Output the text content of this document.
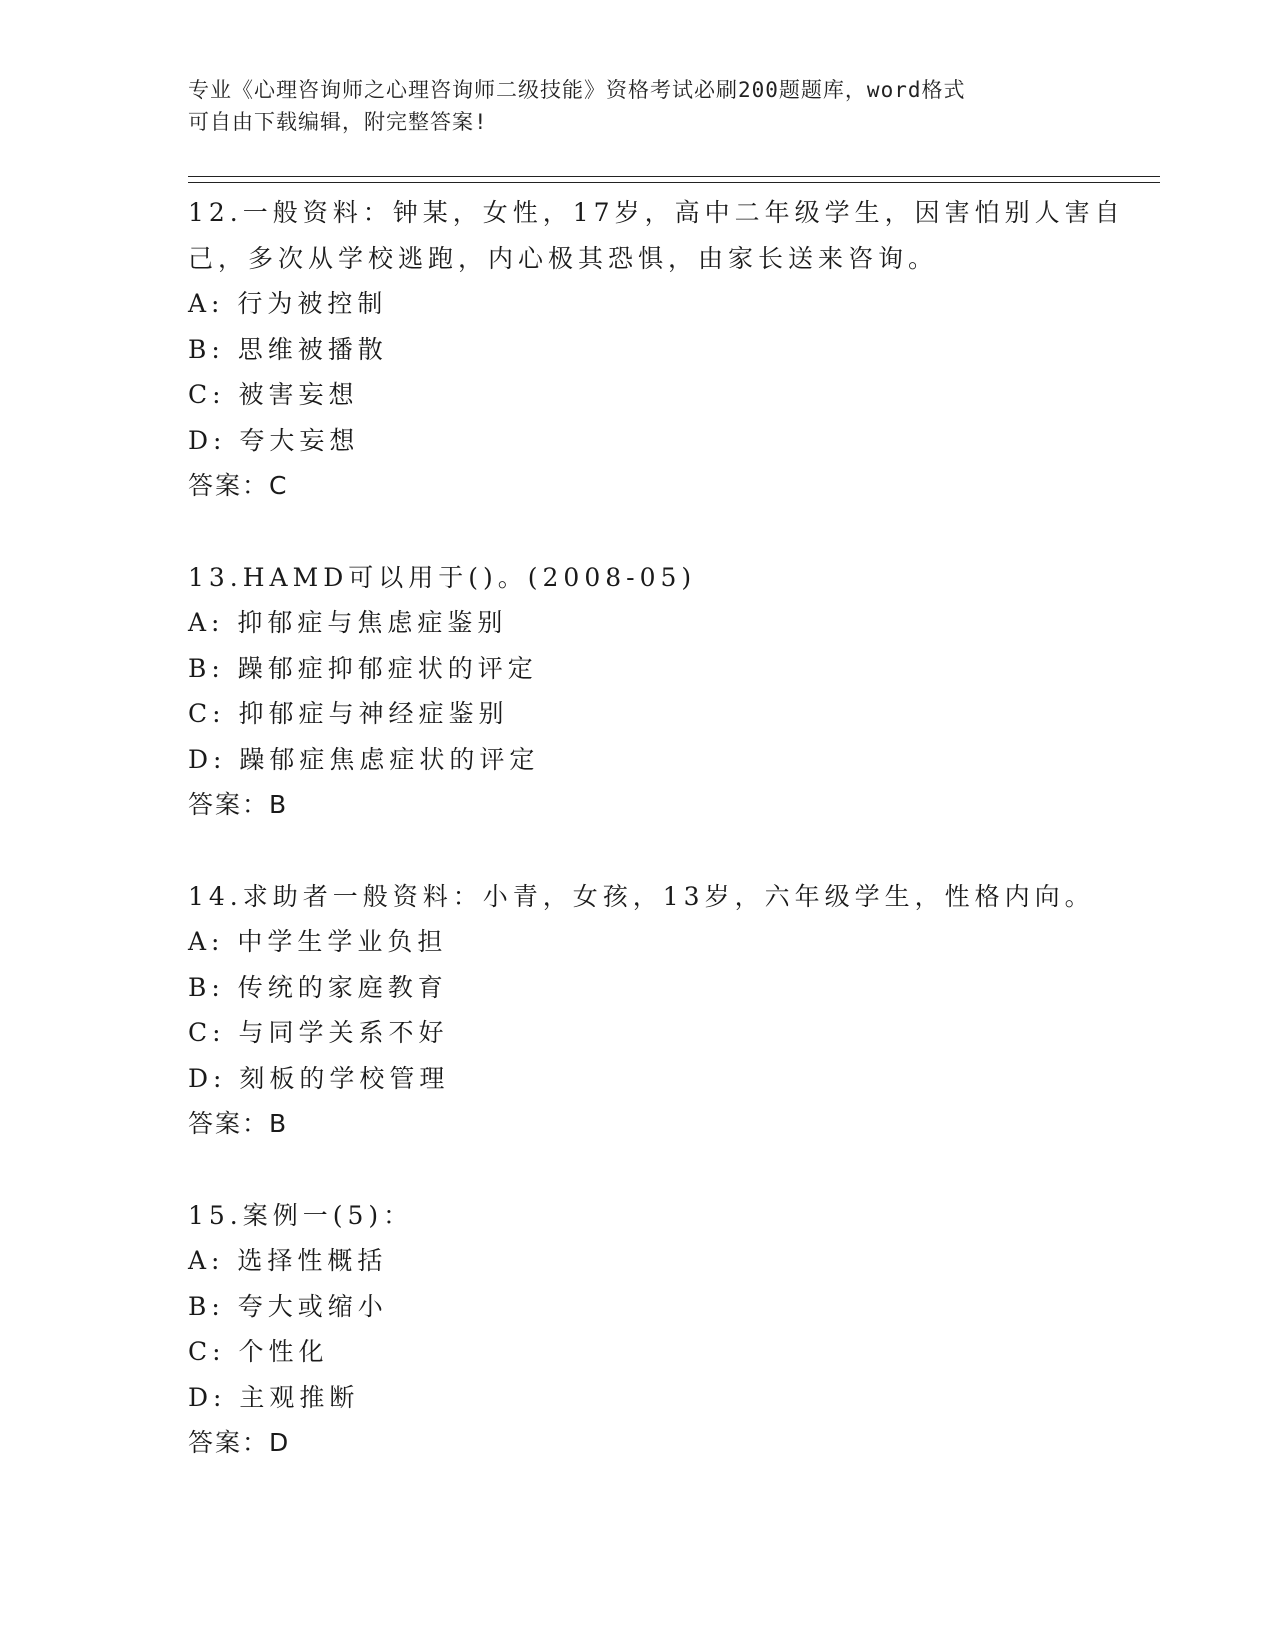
专业《心理咨询师之心理咨询师二级技能》资格考试必刷200题题库，word格式
可自由下载编辑，附完整答案!
12.一般资料：钟某，女性，17岁，高中二年级学生，因害怕别人害自
己，多次从学校逃跑，内心极其恐惧，由家长送来咨询。
A: 行为被控制
B: 思维被播散
C: 被害妄想
D: 夸大妄想
答案：C
13.HAMD可以用于()。(2008-05)
A: 抑郁症与焦虑症鉴别
B: 躁郁症抑郁症状的评定
C: 抑郁症与神经症鉴别
D: 躁郁症焦虑症状的评定
答案：B
14.求助者一般资料：小青，女孩，13岁，六年级学生，性格内向。
A: 中学生学业负担
B: 传统的家庭教育
C: 与同学关系不好
D: 刻板的学校管理
答案：B
15.案例一(5)：
A: 选择性概括
B: 夸大或缩小
C: 个性化
D: 主观推断
答案：D
